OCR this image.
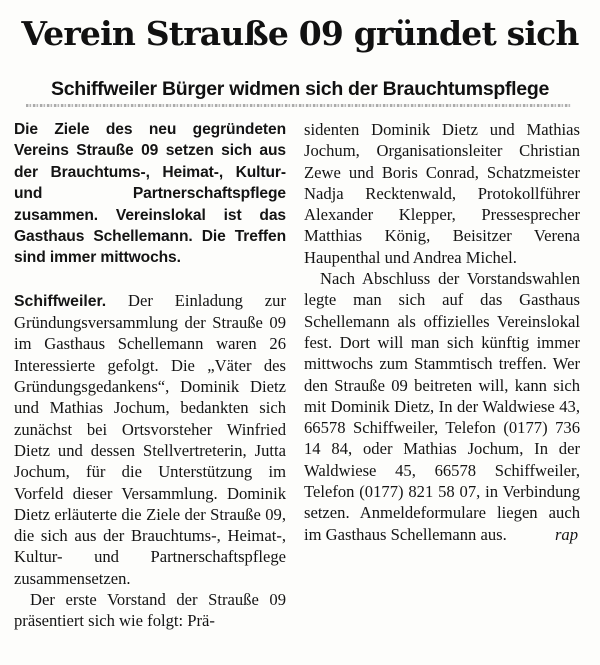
Verein Strauße 09 gründet sich
Schiffweiler Bürger widmen sich der Brauchtumspflege

Die Ziele des neu gegründeten Vereins Strauße 09 setzen sich aus der Brauchtums-, Heimat-, Kultur- und Partnerschaftspflege zusammen. Vereinslokal ist das Gasthaus Schellemann. Die Treffen sind immer mittwochs.

Schiffweiler. Der Einladung zur Gründungsversammlung der Strauße 09 im Gasthaus Schellemann waren 26 Interessierte gefolgt. Die „Väter des Gründungsgedankens“, Dominik Dietz und Mathias Jochum, bedankten sich zunächst bei Ortsvorsteher Winfried Dietz und dessen Stellvertreterin, Jutta Jochum, für die Unterstützung im Vorfeld dieser Versammlung. Dominik Dietz erläuterte die Ziele der Strauße 09, die sich aus der Brauchtums-, Heimat-, Kultur- und Partnerschaftspflege zusammensetzen.

Der erste Vorstand der Strauße 09 präsentiert sich wie folgt: Prä-

sidenten Dominik Dietz und Mathias Jochum, Organisationsleiter Christian Zewe und Boris Conrad, Schatzmeister Nadja Recktenwald, Protokollführer Alexander Klepper, Pressesprecher Matthias König, Beisitzer Verena Haupenthal und Andrea Michel.

Nach Abschluss der Vorstandswahlen legte man sich auf das Gasthaus Schellemann als offizielles Vereinslokal fest. Dort will man sich künftig immer mittwochs zum Stammtisch treffen. Wer den Strauße 09 beitreten will, kann sich mit Dominik Dietz, In der Waldwiese 43, 66578 Schiffweiler, Telefon (0177) 736 14 84, oder Mathias Jochum, In der Waldwiese 45, 66578 Schiffweiler, Telefon (0177) 821 58 07, in Verbindung setzen. Anmeldeformulare liegen auch im Gasthaus Schellemann aus.	rap
